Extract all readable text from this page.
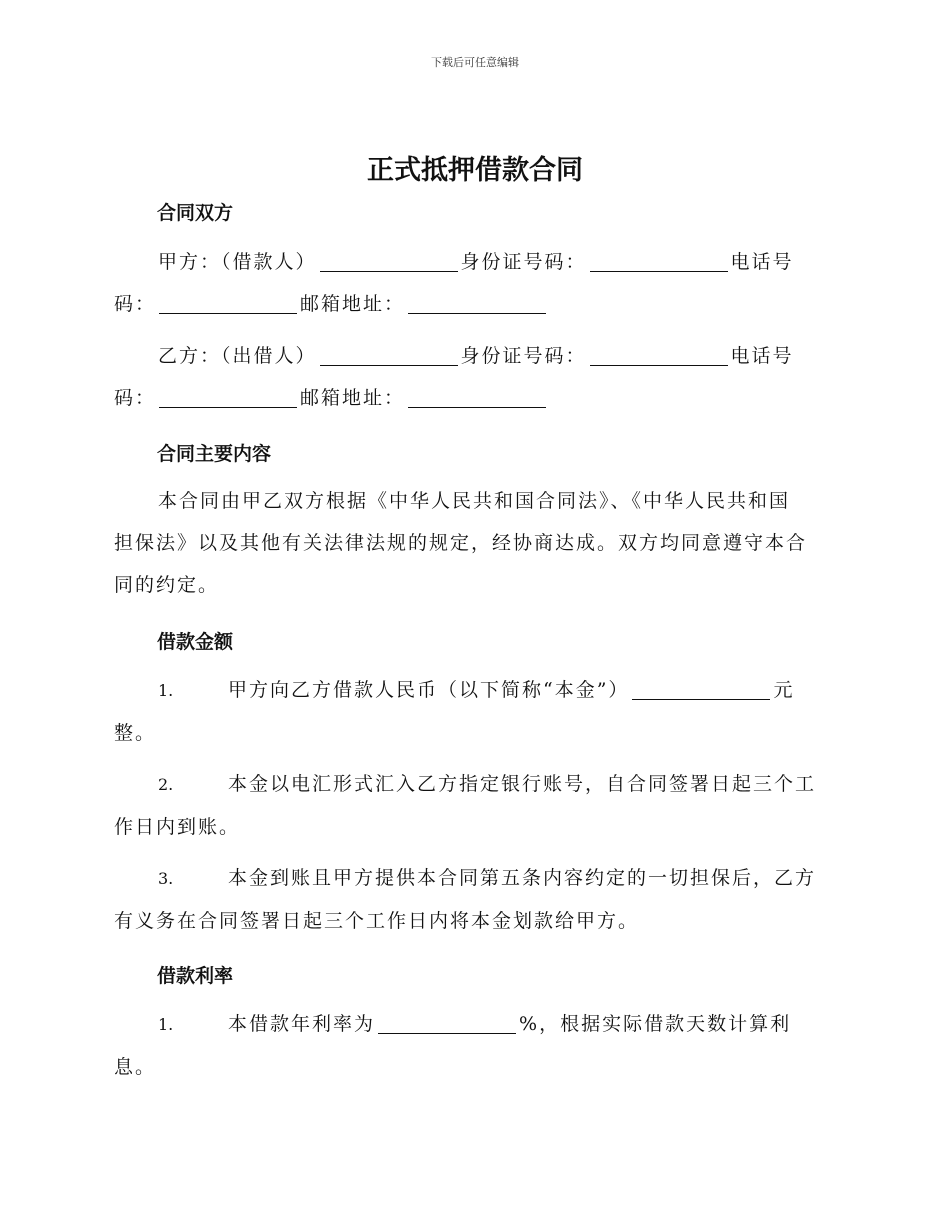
下载后可任意编辑
正式抵押借款合同
合同双方
甲方：（借款人）	身份证号码：	电话号
码：	邮箱地址：
乙方：（出借人）	身份证号码：	电话号
码：	邮箱地址：
合同主要内容
本合同由甲乙双方根据《中华人民共和国合同法》、《中华人民共和国
担保法》以及其他有关法律法规的规定，经协商达成。双方均同意遵守本合
同的约定。
借款金额
1.	甲方向乙方借款人民币（以下简称“本金”）	元
整。
2.	本金以电汇形式汇入乙方指定银行账号，自合同签署日起三个工
作日内到账。
3.	本金到账且甲方提供本合同第五条内容约定的一切担保后，乙方
有义务在合同签署日起三个工作日内将本金划款给甲方。
借款利率
1.	本借款年利率为	%，根据实际借款天数计算利
息。
